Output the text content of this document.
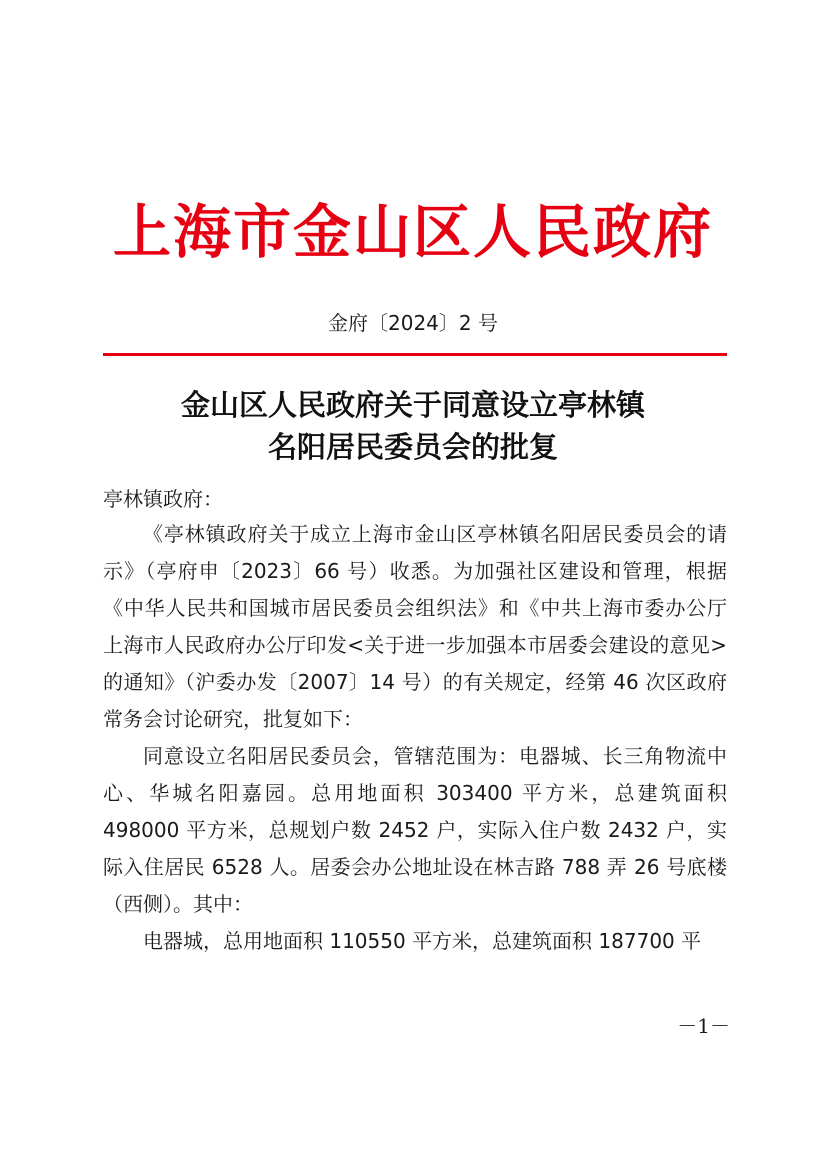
上海市金山区人民政府
金府〔2024〕2 号
金山区人民政府关于同意设立亭林镇
名阳居民委员会的批复
亭林镇政府：

《亭林镇政府关于成立上海市金山区亭林镇名阳居民委员会的请示》（亭府申〔2023〕66 号）收悉。为加强社区建设和管理，根据《中华人民共和国城市居民委员会组织法》和《中共上海市委办公厅 上海市人民政府办公厅印发<关于进一步加强本市居委会建设的意见>的通知》（沪委办发〔2007〕14 号）的有关规定，经第 46 次区政府常务会讨论研究，批复如下：

同意设立名阳居民委员会，管辖范围为：电器城、长三角物流中心、华城名阳嘉园。总用地面积 303400 平方米，总建筑面积 498000 平方米，总规划户数 2452 户，实际入住户数 2432 户，实际入住居民 6528 人。居委会办公地址设在林吉路 788 弄 26 号底楼（西侧）。其中：

电器城，总用地面积 110550 平方米，总建筑面积 187700 平

－1－
